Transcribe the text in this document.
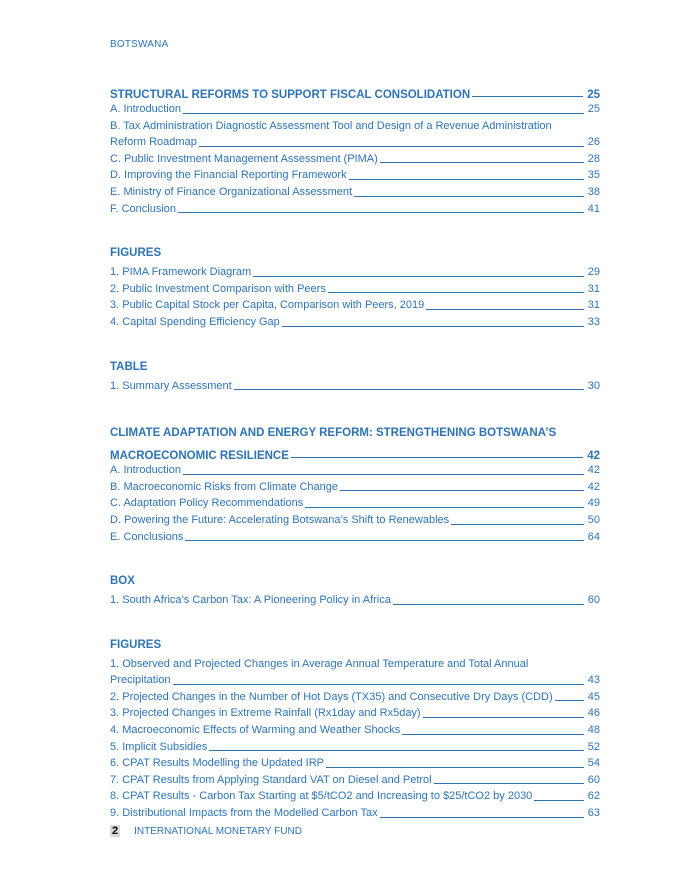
BOTSWANA
STRUCTURAL REFORMS TO SUPPORT FISCAL CONSOLIDATION	25
A. Introduction	25
B. Tax Administration Diagnostic Assessment Tool and Design of a Revenue Administration
Reform Roadmap	26
C. Public Investment Management Assessment (PIMA)	28
D. Improving the Financial Reporting Framework	35
E. Ministry of Finance Organizational Assessment	38
F. Conclusion	41
FIGURES
1. PIMA Framework Diagram	29
2. Public Investment Comparison with Peers	31
3. Public Capital Stock per Capita, Comparison with Peers, 2019	31
4. Capital Spending Efficiency Gap	33
TABLE
1. Summary Assessment	30
CLIMATE ADAPTATION AND ENERGY REFORM: STRENGTHENING BOTSWANA’S
MACROECONOMIC RESILIENCE	42
A. Introduction	42
B. Macroeconomic Risks from Climate Change	42
C. Adaptation Policy Recommendations	49
D. Powering the Future: Accelerating Botswana’s Shift to Renewables	50
E. Conclusions	64
BOX
1. South Africa’s Carbon Tax: A Pioneering Policy in Africa	60
FIGURES
1. Observed and Projected Changes in Average Annual Temperature and Total Annual
Precipitation	43
2. Projected Changes in the Number of Hot Days (TX35) and Consecutive Dry Days (CDD)	45
3. Projected Changes in Extreme Rainfall (Rx1day and Rx5day)	46
4. Macroeconomic Effects of Warming and Weather Shocks	48
5. Implicit Subsidies	52
6. CPAT Results Modelling the Updated IRP	54
7. CPAT Results from Applying Standard VAT on Diesel and Petrol	60
8. CPAT Results - Carbon Tax Starting at $5/tCO2 and Increasing to $25/tCO2 by 2030	62
9. Distributional Impacts from the Modelled Carbon Tax	63
2 INTERNATIONAL MONETARY FUND
